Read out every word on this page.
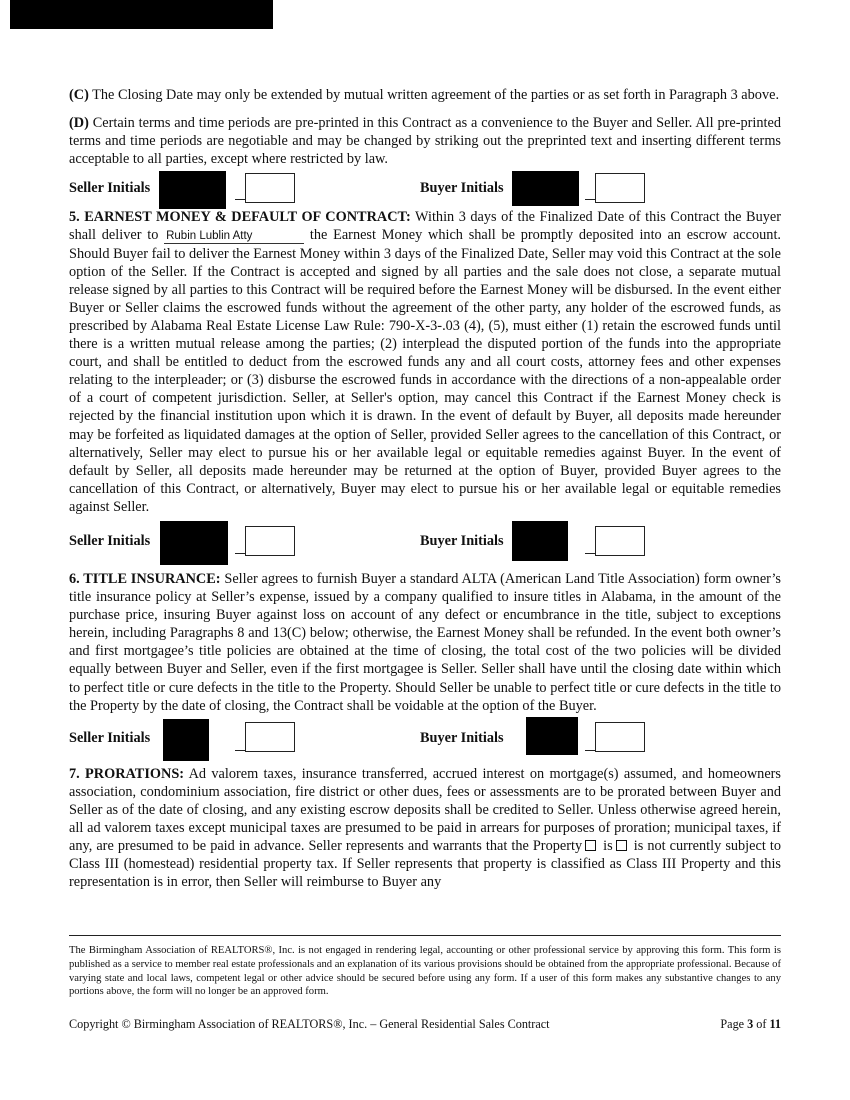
(C) The Closing Date may only be extended by mutual written agreement of the parties or as set forth in Paragraph 3 above.

(D) Certain terms and time periods are pre-printed in this Contract as a convenience to the Buyer and Seller. All pre-printed terms and time periods are negotiable and may be changed by striking out the preprinted text and inserting different terms acceptable to all parties, except where restricted by law.

Seller Initials	Buyer Initials

5. EARNEST MONEY & DEFAULT OF CONTRACT: Within 3 days of the Finalized Date of this Contract the Buyer shall deliver to Rubin Lublin Atty	the Earnest Money which shall be promptly deposited into an escrow account. Should Buyer fail to deliver the Earnest Money within 3 days of the Finalized Date, Seller may void this Contract at the sole option of the Seller. If the Contract is accepted and signed by all parties and the sale does not close, a separate mutual release signed by all parties to this Contract will be required before the Earnest Money will be disbursed. In the event either Buyer or Seller claims the escrowed funds without the agreement of the other party, any holder of the escrowed funds, as prescribed by Alabama Real Estate License Law Rule: 790-X-3-.03 (4), (5), must either (1) retain the escrowed funds until there is a written mutual release among the parties; (2) interplead the disputed portion of the funds into the appropriate court, and shall be entitled to deduct from the escrowed funds any and all court costs, attorney fees and other expenses relating to the interpleader; or (3) disburse the escrowed funds in accordance with the directions of a non-appealable order of a court of competent jurisdiction. Seller, at Seller's option, may cancel this Contract if the Earnest Money check is rejected by the financial institution upon which it is drawn. In the event of default by Buyer, all deposits made hereunder may be forfeited as liquidated damages at the option of Seller, provided Seller agrees to the cancellation of this Contract, or alternatively, Seller may elect to pursue his or her available legal or equitable remedies against Buyer. In the event of default by Seller, all deposits made hereunder may be returned at the option of Buyer, provided Buyer agrees to the cancellation of this Contract, or alternatively, Buyer may elect to pursue his or her available legal or equitable remedies against Seller.

Seller Initials	Buyer Initials

6. TITLE INSURANCE: Seller agrees to furnish Buyer a standard ALTA (American Land Title Association) form owner’s title insurance policy at Seller’s expense, issued by a company qualified to insure titles in Alabama, in the amount of the purchase price, insuring Buyer against loss on account of any defect or encumbrance in the title, subject to exceptions herein, including Paragraphs 8 and 13(C) below; otherwise, the Earnest Money shall be refunded. In the event both owner’s and first mortgagee’s title policies are obtained at the time of closing, the total cost of the two policies will be divided equally between Buyer and Seller, even if the first mortgagee is Seller. Seller shall have until the closing date within which to perfect title or cure defects in the title to the Property. Should Seller be unable to perfect title or cure defects in the title to the Property by the date of closing, the Contract shall be voidable at the option of the Buyer.

Seller Initials	Buyer Initials

7. PRORATIONS: Ad valorem taxes, insurance transferred, accrued interest on mortgage(s) assumed, and homeowners association, condominium association, fire district or other dues, fees or assessments are to be prorated between Buyer and Seller as of the date of closing, and any existing escrow deposits shall be credited to Seller. Unless otherwise agreed herein, all ad valorem taxes except municipal taxes are presumed to be paid in arrears for purposes of proration; municipal taxes, if any, are presumed to be paid in advance. Seller represents and warrants that the Property is is not currently subject to Class III (homestead) residential property tax. If Seller represents that property is classified as Class III Property and this representation is in error, then Seller will reimburse to Buyer any

The Birmingham Association of REALTORS®, Inc. is not engaged in rendering legal, accounting or other professional service by approving this form. This form is published as a service to member real estate professionals and an explanation of its various provisions should be obtained from the appropriate professional. Because of varying state and local laws, competent legal or other advice should be secured before using any form. If a user of this form makes any substantive changes to any portions above, the form will no longer be an approved form.
Copyright © Birmingham Association of REALTORS®, Inc. – General Residential Sales Contract	Page 3 of 11
